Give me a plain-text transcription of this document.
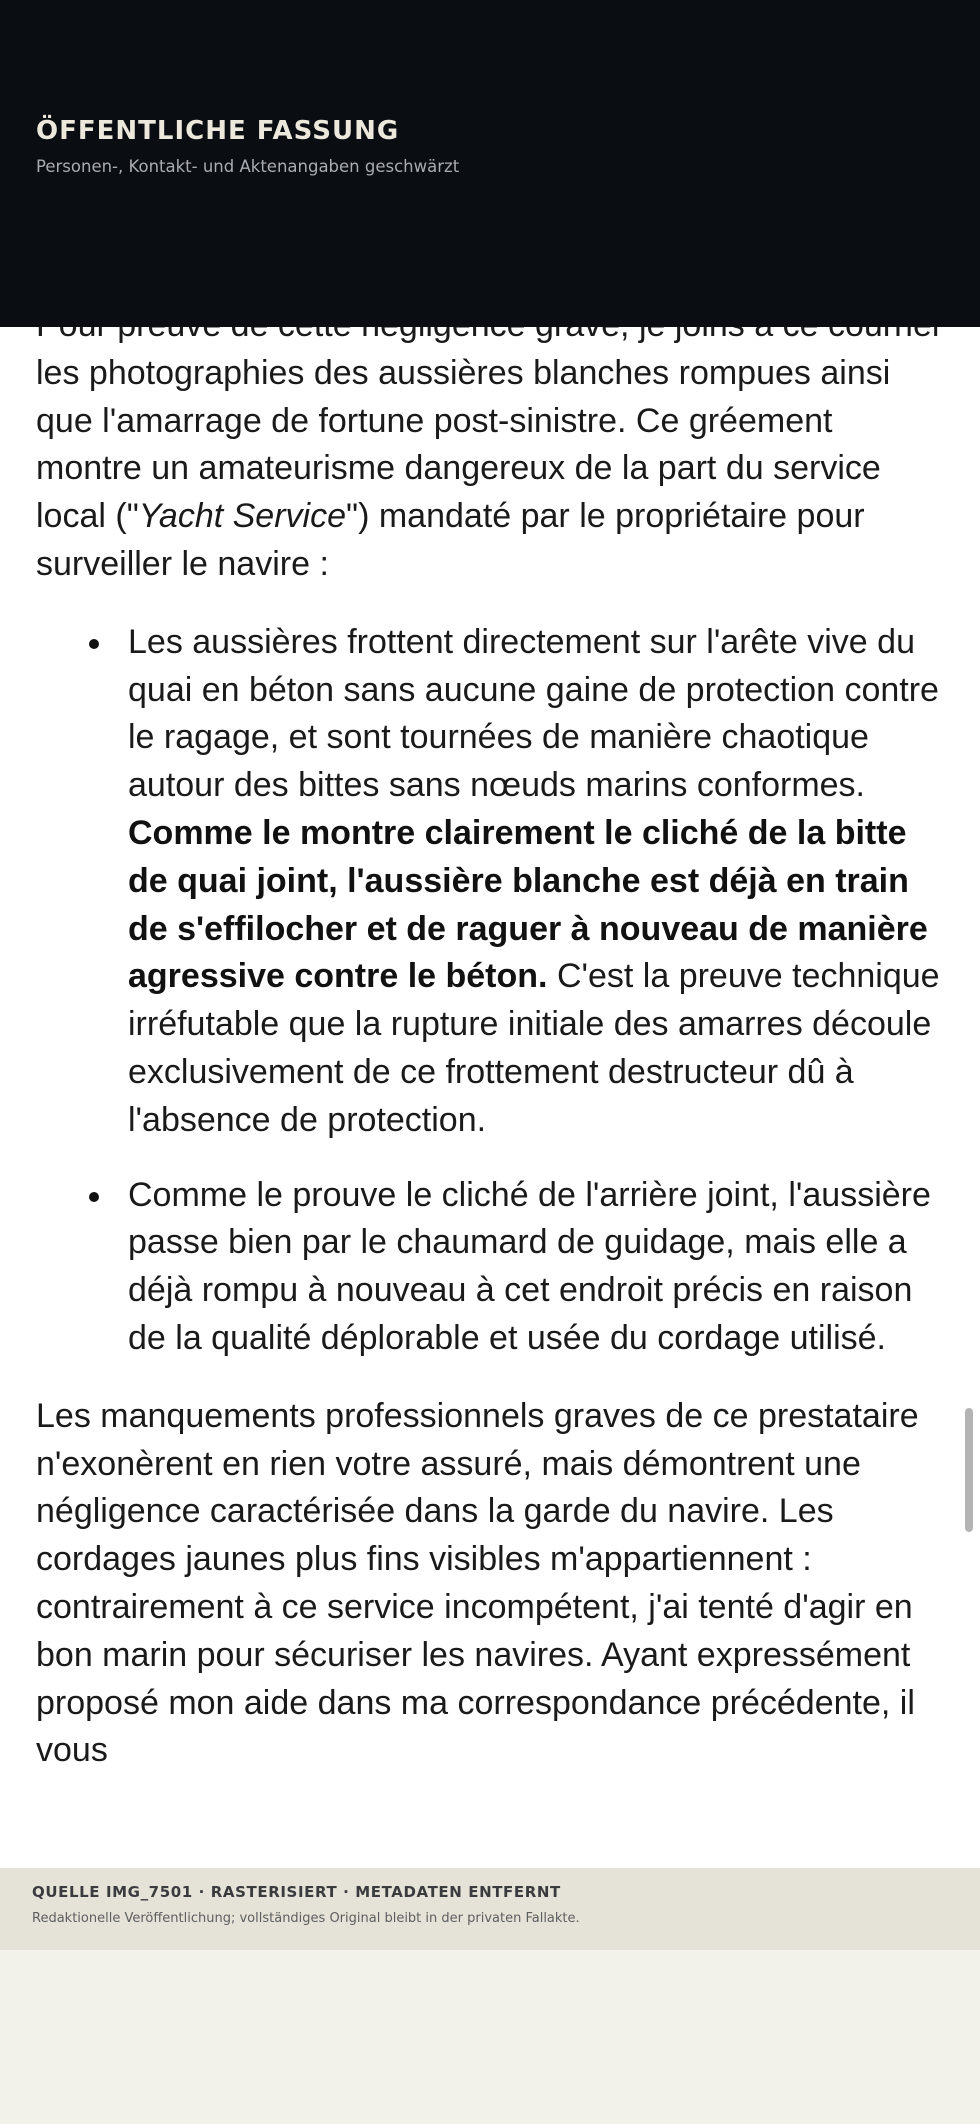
les photographies des aussières blanches rompues ainsi que l'amarrage de fortune post-sinistre. Ce gréement montre un amateurisme dangereux de la part du service local ("Yacht Service") mandaté par le propriétaire pour surveiller le navire :

Les aussières frottent directement sur l'arête vive du quai en béton sans aucune gaine de protection contre le ragage, et sont tournées de manière chaotique autour des bittes sans nœuds marins conformes. Comme le montre clairement le cliché de la bitte de quai joint, l'aussière blanche est déjà en train de s'effilocher et de raguer à nouveau de manière agressive contre le béton. C'est la preuve technique irréfutable que la rupture initiale des amarres découle exclusivement de ce frottement destructeur dû à l'absence de protection.
Comme le prouve le cliché de l'arrière joint, l'aussière passe bien par le chaumard de guidage, mais elle a déjà rompu à nouveau à cet endroit précis en raison de la qualité déplorable et usée du cordage utilisé.

Les manquements professionnels graves de ce prestataire n'exonèrent en rien votre assuré, mais démontrent une négligence caractérisée dans la garde du navire. Les cordages jaunes plus fins visibles m'appartiennent : contrairement à ce service incompétent, j'ai tenté d'agir en bon marin pour sécuriser les navires. Ayant expressément proposé mon aide dans ma correspondance précédente, il vous

ÖFFENTLICHE FASSUNG
Personen-, Kontakt- und Aktenangaben geschwärzt
QUELLE IMG_7501 · RASTERISIERT · METADATEN ENTFERNT
Redaktionelle Veröffentlichung; vollständiges Original bleibt in der privaten Fallakte.
